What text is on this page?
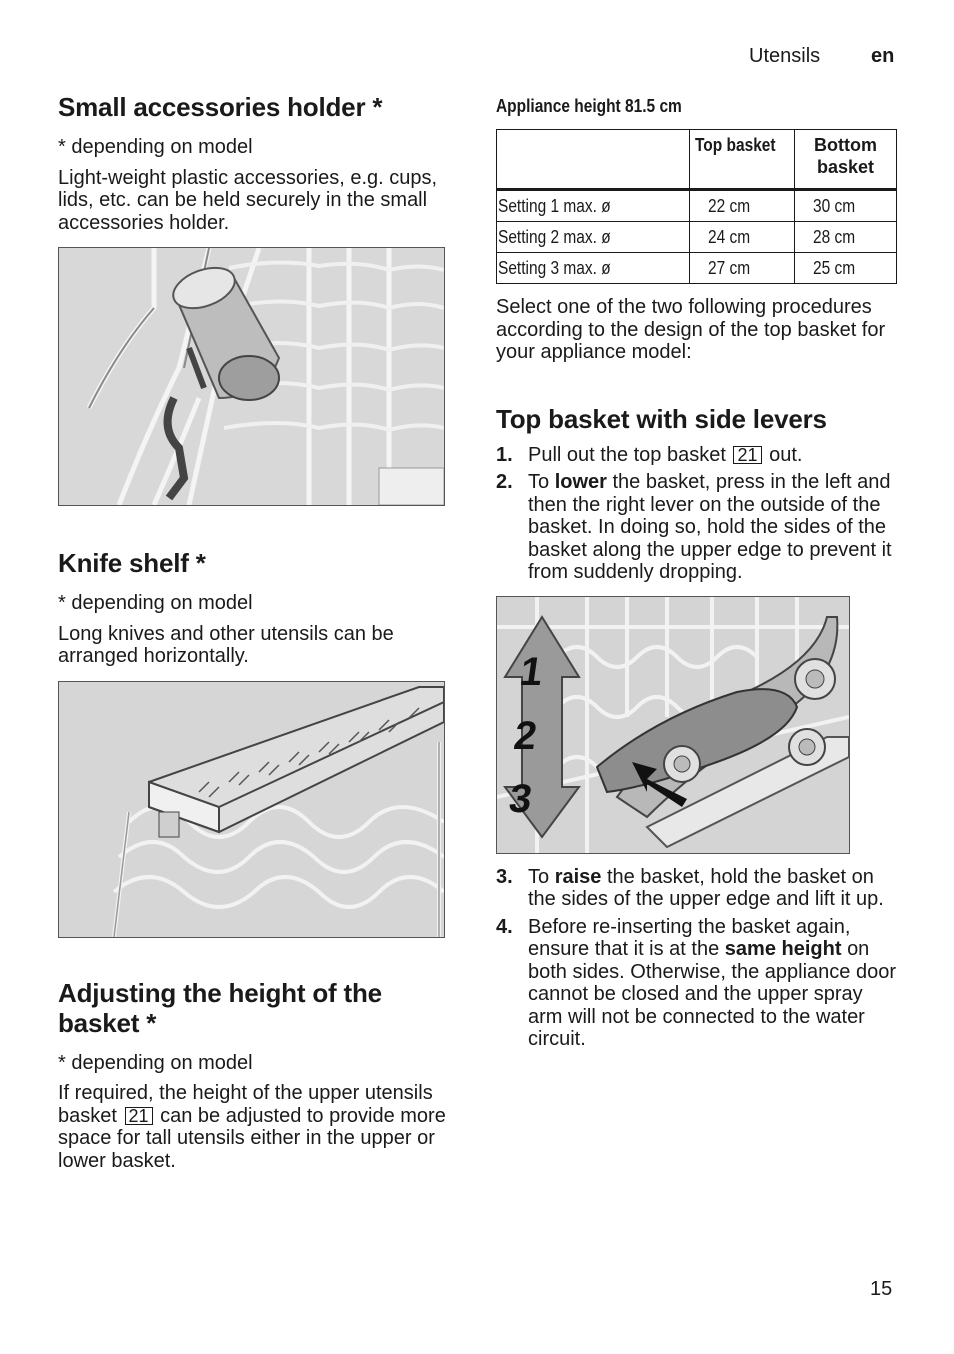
Utensils	en
Small accessories holder *

* depending on model

Light-weight plastic accessories, e.g. cups, lids, etc. can be held securely in the small accessories holder.

Knife shelf *

* depending on model

Long knives and other utensils can be arranged horizontally.

Adjusting the height of the basket *

* depending on model

If required, the height of the upper utensils basket 21 can be adjusted to provide more space for tall utensils either in the upper or lower basket.

Appliance height 81.5 cm
	Top basket	Bottom basket

Setting 1 max. ø	22 cm	30 cm
Setting 2 max. ø	24 cm	28 cm
Setting 3 max. ø	27 cm	25 cm

Select one of the two following procedures according to the design of the top basket for your appliance model:

Top basket with side levers
1. Pull out the top basket 21 out.
2. To lower the basket, press in the left and then the right lever on the outside of the basket. In doing so, hold the sides of the basket along the upper edge to prevent it from suddenly dropping.
1
2
3
3. To raise the basket, hold the basket on the sides of the upper edge and lift it up.
4. Before re-inserting the basket again, ensure that it is at the same height on both sides. Otherwise, the appliance door cannot be closed and the upper spray arm will not be connected to the water circuit.
15
